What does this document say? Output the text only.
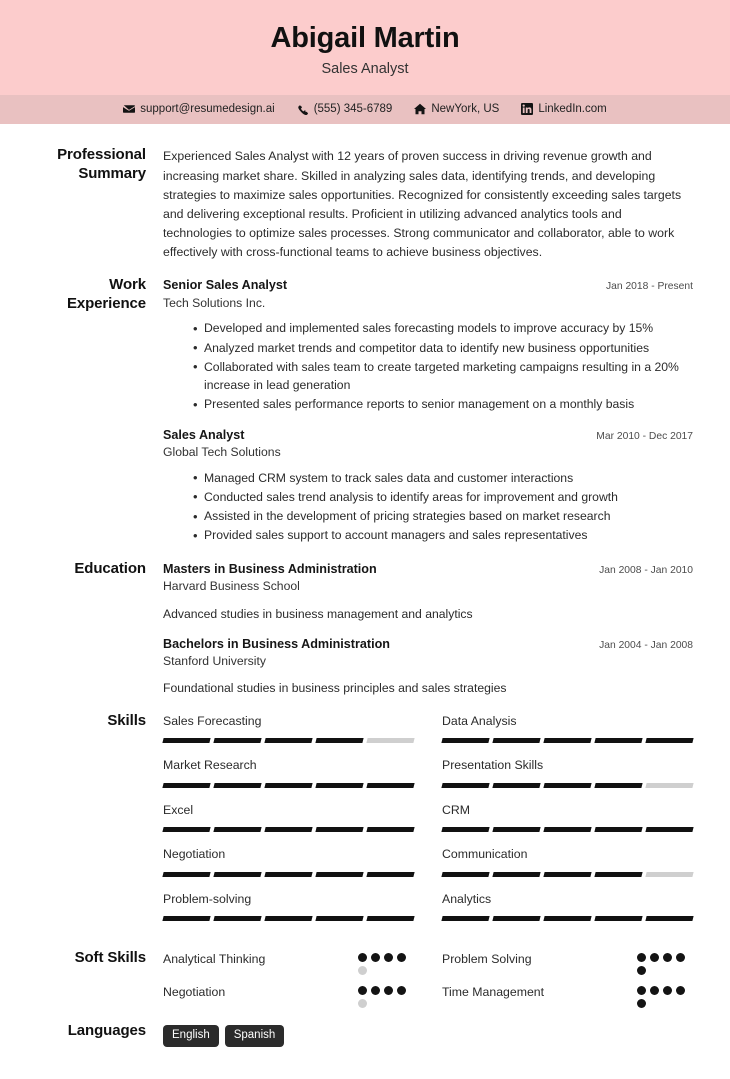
Abigail Martin
Sales Analyst
support@resumedesign.ai	(555) 345-6789	NewYork, US	LinkedIn.com
Professional Summary
Experienced Sales Analyst with 12 years of proven success in driving revenue growth and increasing market share. Skilled in analyzing sales data, identifying trends, and developing strategies to maximize sales opportunities. Recognized for consistently exceeding sales targets and delivering exceptional results. Proficient in utilizing advanced analytics tools and technologies to optimize sales processes. Strong communicator and collaborator, able to work effectively with cross-functional teams to achieve business objectives.
Work Experience
Senior Sales Analyst	Jan 2018 - Present
Tech Solutions Inc.
• Developed and implemented sales forecasting models to improve accuracy by 15%
• Analyzed market trends and competitor data to identify new business opportunities
• Collaborated with sales team to create targeted marketing campaigns resulting in a 20% increase in lead generation
• Presented sales performance reports to senior management on a monthly basis
Sales Analyst	Mar 2010 - Dec 2017
Global Tech Solutions
• Managed CRM system to track sales data and customer interactions
• Conducted sales trend analysis to identify areas for improvement and growth
• Assisted in the development of pricing strategies based on market research
• Provided sales support to account managers and sales representatives
Education	Masters in Business Administration	Jan 2008 - Jan 2010
Harvard Business School
Advanced studies in business management and analytics
Bachelors in Business Administration	Jan 2004 - Jan 2008
Stanford University
Foundational studies in business principles and sales strategies
Skills	Sales Forecasting	Data Analysis
Market Research	Presentation Skills
Excel	CRM
Negotiation	Communication
Problem-solving	Analytics
Soft Skills	Analytical Thinking	Problem Solving
Negotiation	Time Management
Languages	English	Spanish
